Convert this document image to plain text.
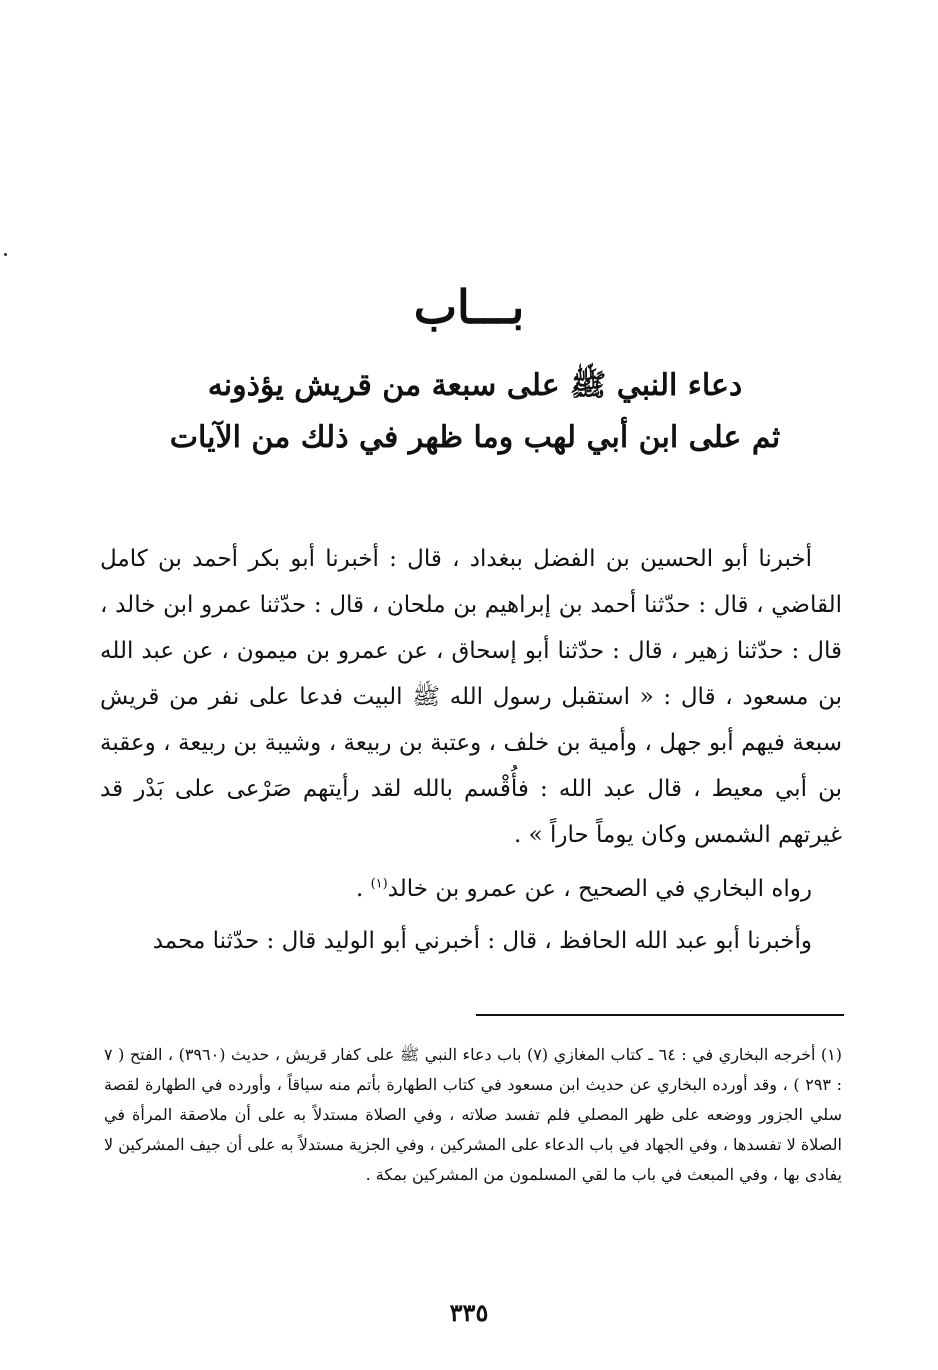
بـــاب
دعاء النبي ﷺ على سبعة من قريش يؤذونه
ثم على ابن أبي لهب وما ظهر في ذلك من الآيات

أخبرنا أبو الحسين بن الفضل ببغداد ، قال : أخبرنا أبو بكر أحمد بن كامل القاضي ، قال : حدّثنا أحمد بن إبراهيم بن ملحان ، قال : حدّثنا عمرو ابن خالد ، قال : حدّثنا زهير ، قال : حدّثنا أبو إسحاق ، عن عمرو بن ميمون ، عن عبد الله بن مسعود ، قال : « استقبل رسول الله ﷺ البيت فدعا على نفر من قريش سبعة فيهم أبو جهل ، وأمية بن خلف ، وعتبة بن ربيعة ، وشيبة بن ربيعة ، وعقبة بن أبي معيط ، قال عبد الله : فأُقْسم بالله لقد رأيتهم صَرْعى على بَدْر قد غيرتهم الشمس وكان يوماً حاراً » .

رواه البخاري في الصحيح ، عن عمرو بن خالد$^{(١)}$ .

وأخبرنا أبو عبد الله الحافظ ، قال : أخبرني أبو الوليد قال : حدّثنا محمد

(١) أخرجه البخاري في : ٦٤ ـ كتاب المغازي (٧) باب دعاء النبي ﷺ على كفار قريش ، حديث (٣٩٦٠) ، الفتح ( ٧ : ٢٩٣ ) ، وقد أورده البخاري عن حديث ابن مسعود في كتاب الطهارة بأتم منه سياقاً ، وأورده في الطهارة لقصة سلي الجزور ووضعه على ظهر المصلي فلم تفسد صلاته ، وفي الصلاة مستدلاً به على أن ملاصقة المرأة في الصلاة لا تفسدها ، وفي الجهاد في باب الدعاء على المشركين ، وفي الجزية مستدلاً به على أن جيف المشركين لا يفادى بها ، وفي المبعث في باب ما لقي المسلمون من المشركين بمكة .

٣٣٥
